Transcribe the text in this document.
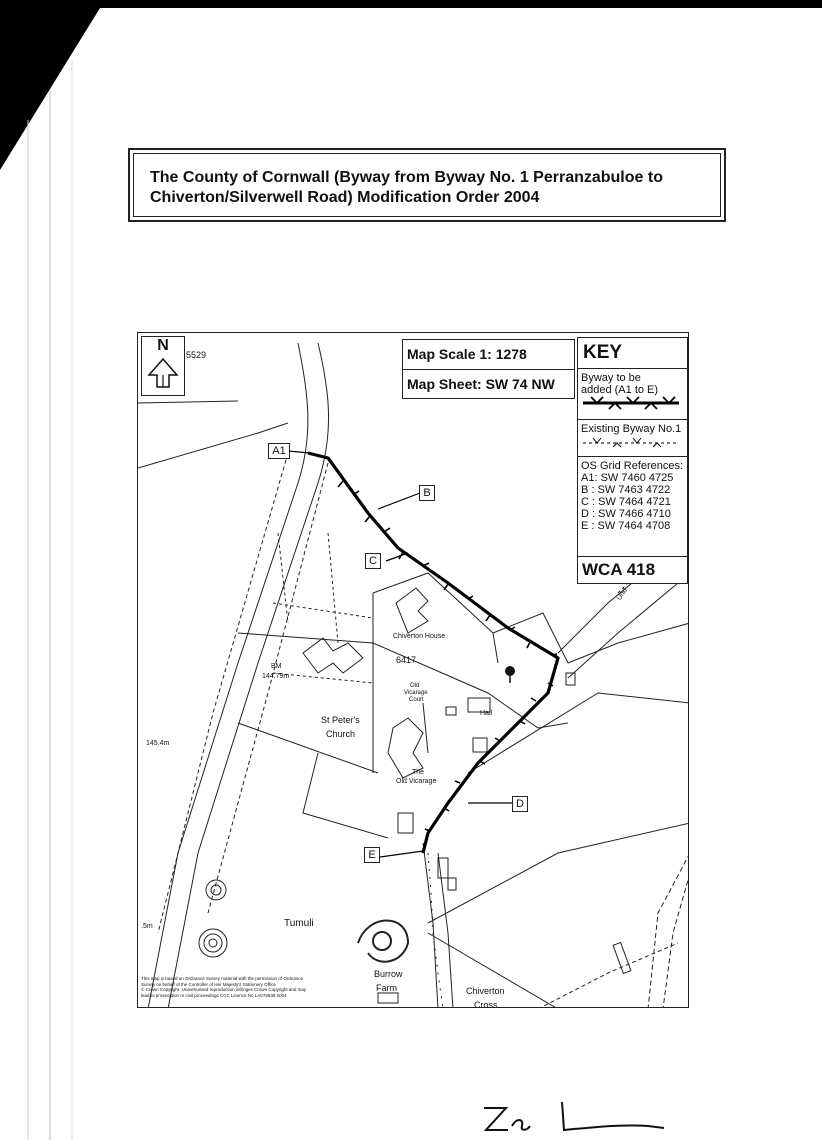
The County of Cornwall (Byway from Byway No. 1 Perranzabuloe to
Chiverton/Silverwell Road) Modification Order 2004
5529
Chiverton House
6417
BM
144.79m
St Peter's
Church
145.4m
Old
Vicarage
Court
Hall
The
Old Vicarage
Tumuli
Burrow
Farm	Chiverton
Cross
.5m
Und
This map is based on Ordnance Survey material with the permission of Ordnance
Survey on behalf of the Controller of Her Majesty's Stationery Office
© Crown Copyright. Unauthorised reproduction infringes Crown Copyright and may
lead to prosecution or civil proceedings CCC Licence No LA076538 2004
N
A1
B
C
D
E
Map Scale 1: 1278
Map Sheet: SW 74 NW
KEY
Byway to be
added (A1 to E)
Existing Byway No.1
OS Grid References:
A1: SW 7460 4725
B : SW 7463 4722
C : SW 7464 4721
D : SW 7466 4710
E : SW 7464 4708
WCA 418
